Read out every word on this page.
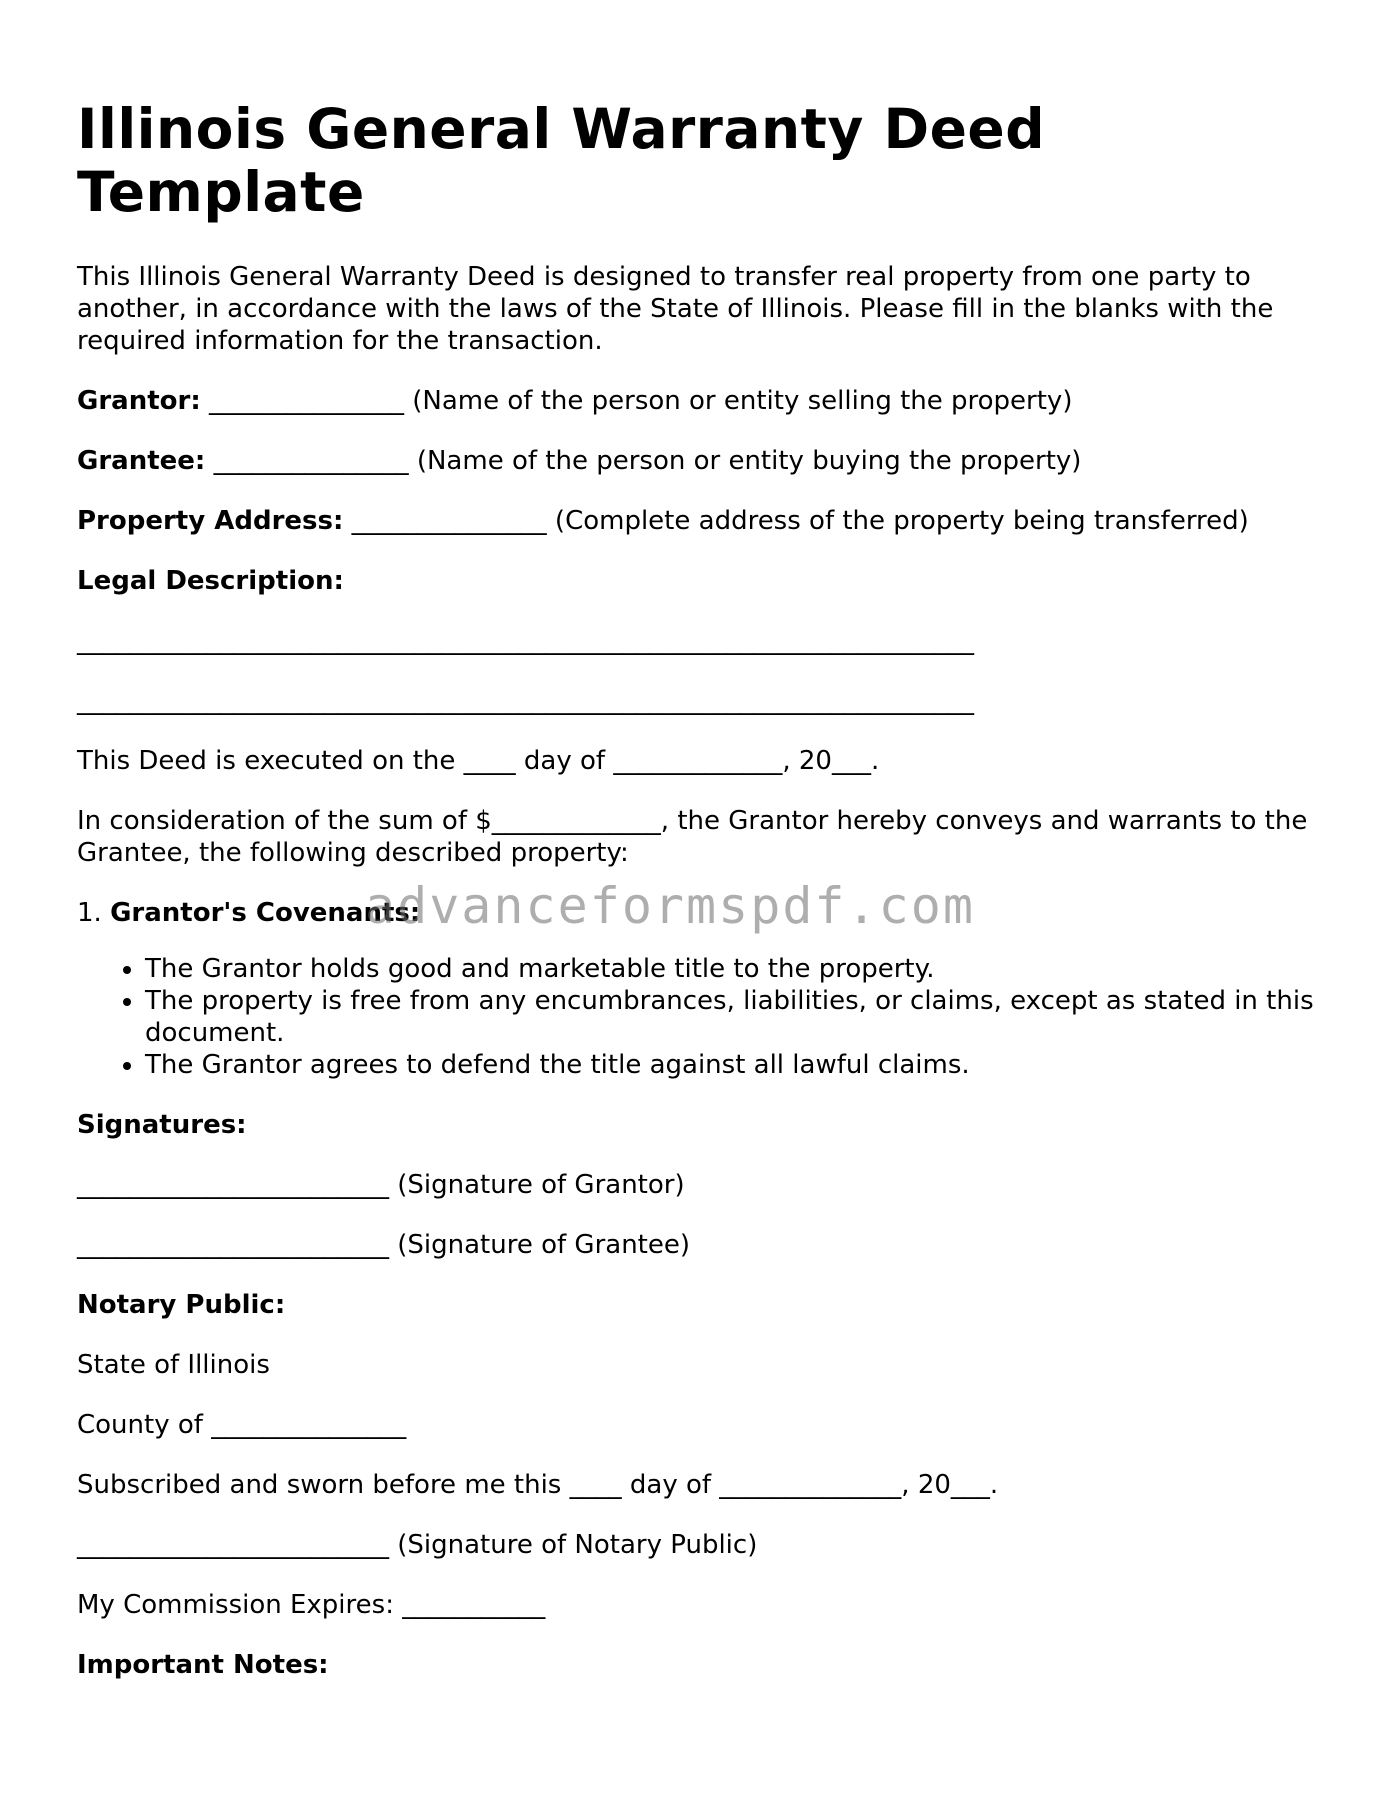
Illinois General Warranty Deed Template

This Illinois General Warranty Deed is designed to transfer real property from one party to another, in accordance with the laws of the State of Illinois. Please fill in the blanks with the required information for the transaction.

Grantor: _______________ (Name of the person or entity selling the property)

Grantee: _______________ (Name of the person or entity buying the property)

Property Address: _______________ (Complete address of the property being transferred)

Legal Description:

_____________________________________________________________________

_____________________________________________________________________

This Deed is executed on the ____ day of _____________, 20___.

In consideration of the sum of $_____________, the Grantor hereby conveys and warrants to the Grantee, the following described property:

1. Grantor's Covenants:
• The Grantor holds good and marketable title to the property.
• The property is free from any encumbrances, liabilities, or claims, except as stated in this document.
• The Grantor agrees to defend the title against all lawful claims.

Signatures:

________________________ (Signature of Grantor)

________________________ (Signature of Grantee)

Notary Public:

State of Illinois

County of _______________

Subscribed and sworn before me this ____ day of ______________, 20___.

________________________ (Signature of Notary Public)

My Commission Expires: ___________

Important Notes:

advanceformspdf.com
